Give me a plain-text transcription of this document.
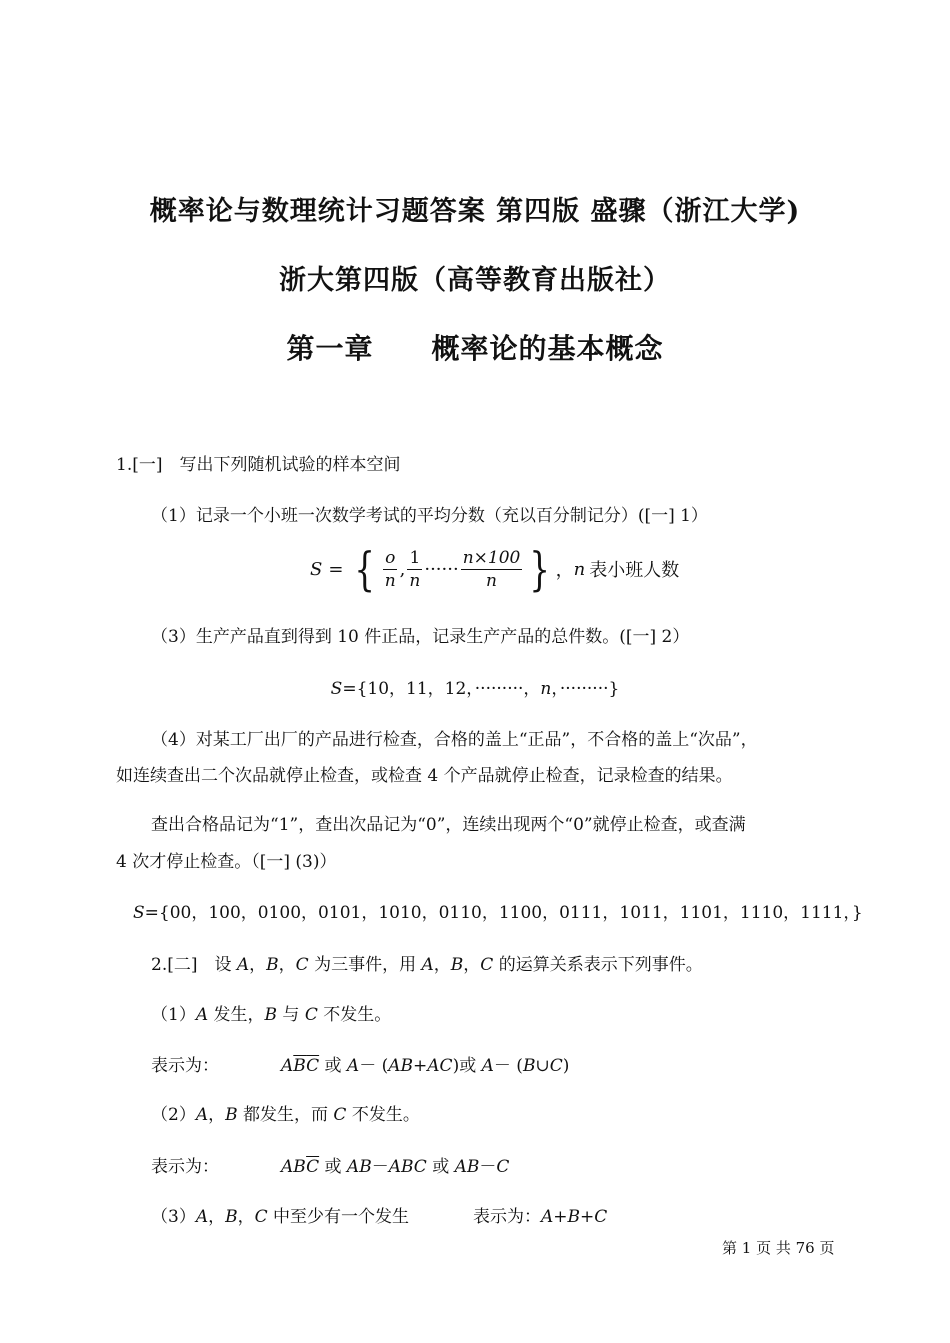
概率论与数理统计习题答案 第四版 盛骤（浙江大学)
浙大第四版（高等教育出版社）
第一章 概率论的基本概念
1.[一]　写出下列随机试验的样本空间
（1）记录一个小班一次数学考试的平均分数（充以百分制记分）([一] 1）
S = { $\frac{o}{n}$ , $\frac{1}{n}$ ······ $\frac{n\times 100}{n}$ } ， n 表小班人数
（3）生产产品直到得到 10 件正品，记录生产产品的总件数。([一] 2）
S={10，11，12，·········，n，·········}
（4）对某工厂出厂的产品进行检查，合格的盖上“正品”，不合格的盖上“次品”，
如连续查出二个次品就停止检查，或检查 4 个产品就停止检查，记录检查的结果。
查出合格品记为“1”，查出次品记为“0”，连续出现两个“0”就停止检查，或查满
4 次才停止检查。（[一] (3)）
S={00，100，0100，0101，1010，0110，1100，0111，1011，1101，1110，1111，}
2.[二]　设 A，B，C 为三事件，用 A，B，C 的运算关系表示下列事件。
（1）A 发生，B 与 C 不发生。
表示为：	$A\overline{B}\overline{C}$ 或 A－ (AB+AC)或 A－ (B∪C)
（2）A，B 都发生，而 C 不发生。
表示为：	$AB\overline{C}$ 或 AB－ABC 或 AB－C
（3）A，B，C 中至少有一个发生	表示为：A+B+C
第 1 页 共 76 页
